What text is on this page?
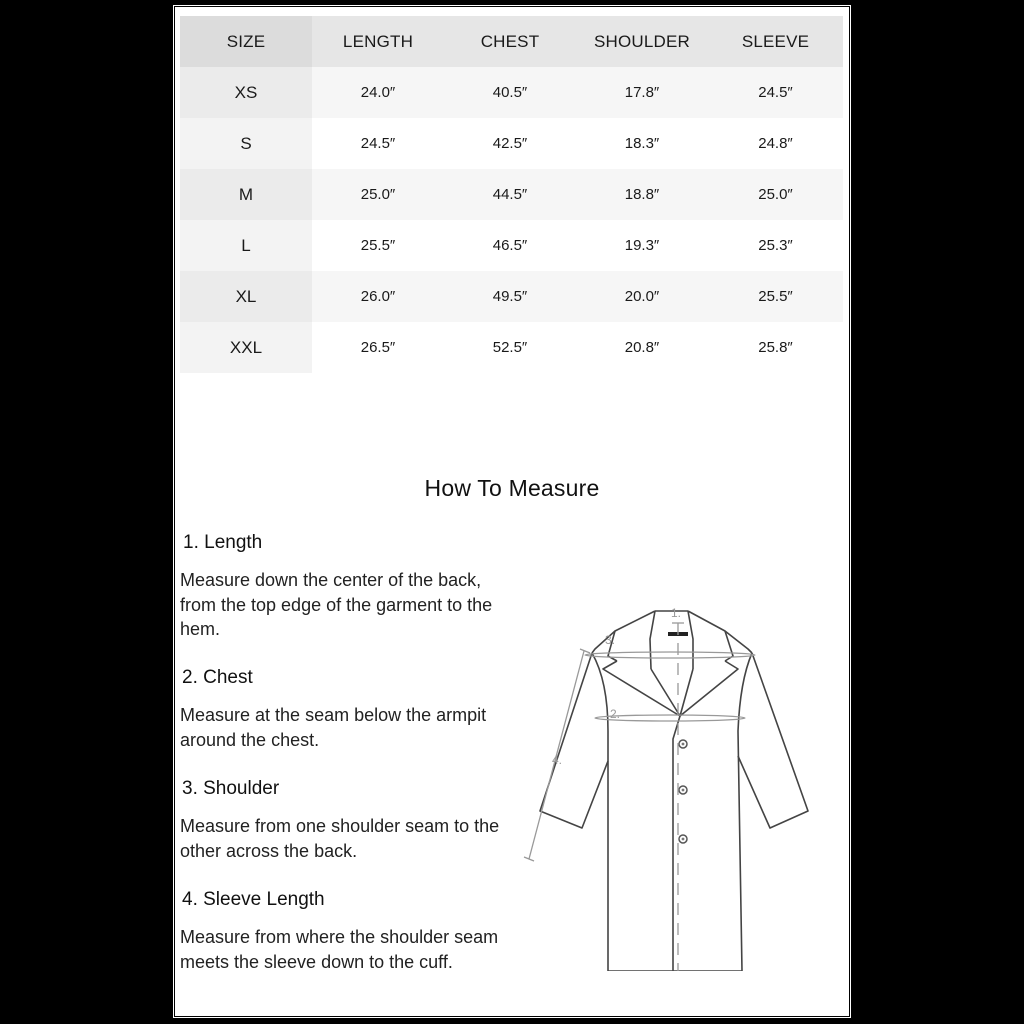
SIZE	LENGTH	CHEST	SHOULDER	SLEEVE
XS	24.0″	40.5″	17.8″	24.5″
S	24.5″	42.5″	18.3″	24.8″
M	25.0″	44.5″	18.8″	25.0″
L	25.5″	46.5″	19.3″	25.3″
XL	26.0″	49.5″	20.0″	25.5″
XXL	26.5″	52.5″	20.8″	25.8″
How To Measure
1. Length
Measure down the center of the back, from the top edge of the garment to the hem.
2. Chest
Measure at the seam below the armpit around the chest.
3. Shoulder
Measure from one shoulder seam to the other across the back.
4. Sleeve Length
Measure from where the shoulder seam meets the sleeve down to the cuff.
1.
2.
3.
4.
